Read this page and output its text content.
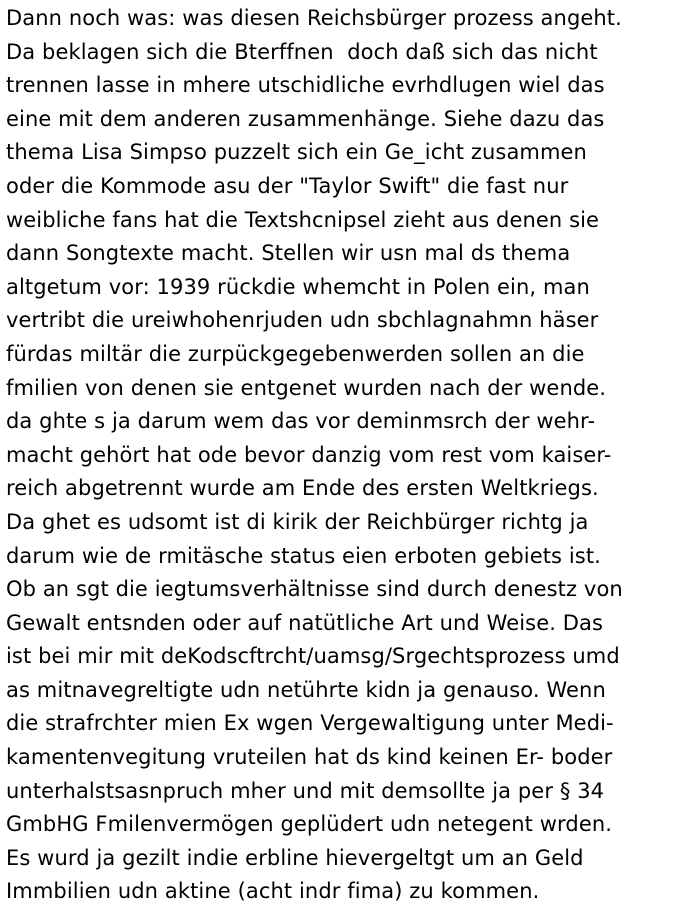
Dann noch was: was diesen Reichsbürger prozess angeht.
Da beklagen sich die Bterffnen  doch daß sich das nicht
trennen lasse in mhere utschidliche evrhdlugen wiel das
eine mit dem anderen zusammenhänge. Siehe dazu das
thema Lisa Simpso puzzelt sich ein Ge_icht zusammen
oder die Kommode asu der "Taylor Swift" die fast nur
weibliche fans hat die Textshcnipsel zieht aus denen sie
dann Songtexte macht. Stellen wir usn mal ds thema
altgetum vor: 1939 rückdie whemcht in Polen ein, man
vertribt die ureiwhohenrjuden udn sbchlagnahmn häser
fürdas miltär die zurpückgegebenwerden sollen an die
fmilien von denen sie entgenet wurden nach der wende.
da ghte s ja darum wem das vor deminmsrch der wehr-
macht gehört hat ode bevor danzig vom rest vom kaiser-
reich abgetrennt wurde am Ende des ersten Weltkriegs.
Da ghet es udsomt ist di kirik der Reichbürger richtg ja
darum wie de rmitäsche status eien erboten gebiets ist.
Ob an sgt die iegtumsverhältnisse sind durch denestz von
Gewalt entsnden oder auf natütliche Art und Weise. Das
ist bei mir mit deKodscftrcht/uamsg/Srgechtsprozess umd
as mitnavegreltigte udn netührte kidn ja genauso. Wenn
die strafrchter mien Ex wgen Vergewaltigung unter Medi-
kamentenvegitung vruteilen hat ds kind keinen Er- boder
unterhalstsasnpruch mher und mit demsollte ja per § 34
GmbHG Fmilenvermögen geplüdert udn netegent wrden.
Es wurd ja gezilt indie erbline hievergeltgt um an Geld
Immbilien udn aktine (acht indr fima) zu kommen.
